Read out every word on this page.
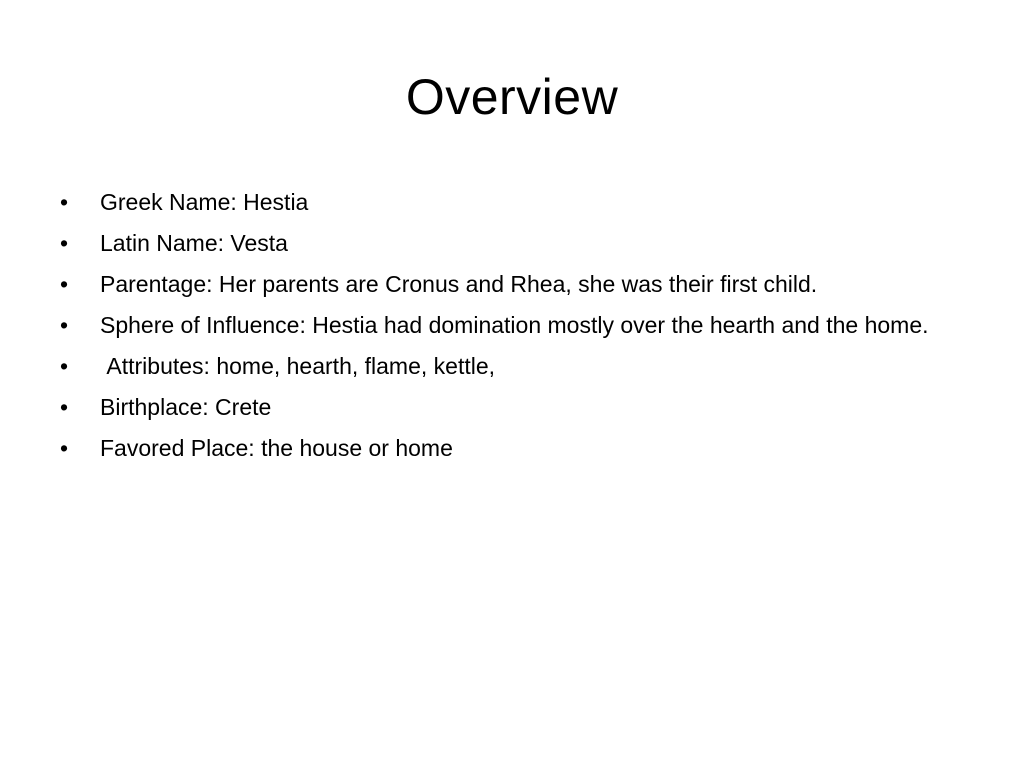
Overview
•	Greek Name: Hestia
•	Latin Name: Vesta
•	Parentage: Her parents are Cronus and Rhea, she was their first child.
•	Sphere of Influence: Hestia had domination mostly over the hearth and the home.
•	Attributes: home, hearth, flame, kettle,
•	Birthplace: Crete
•	Favored Place: the house or home
